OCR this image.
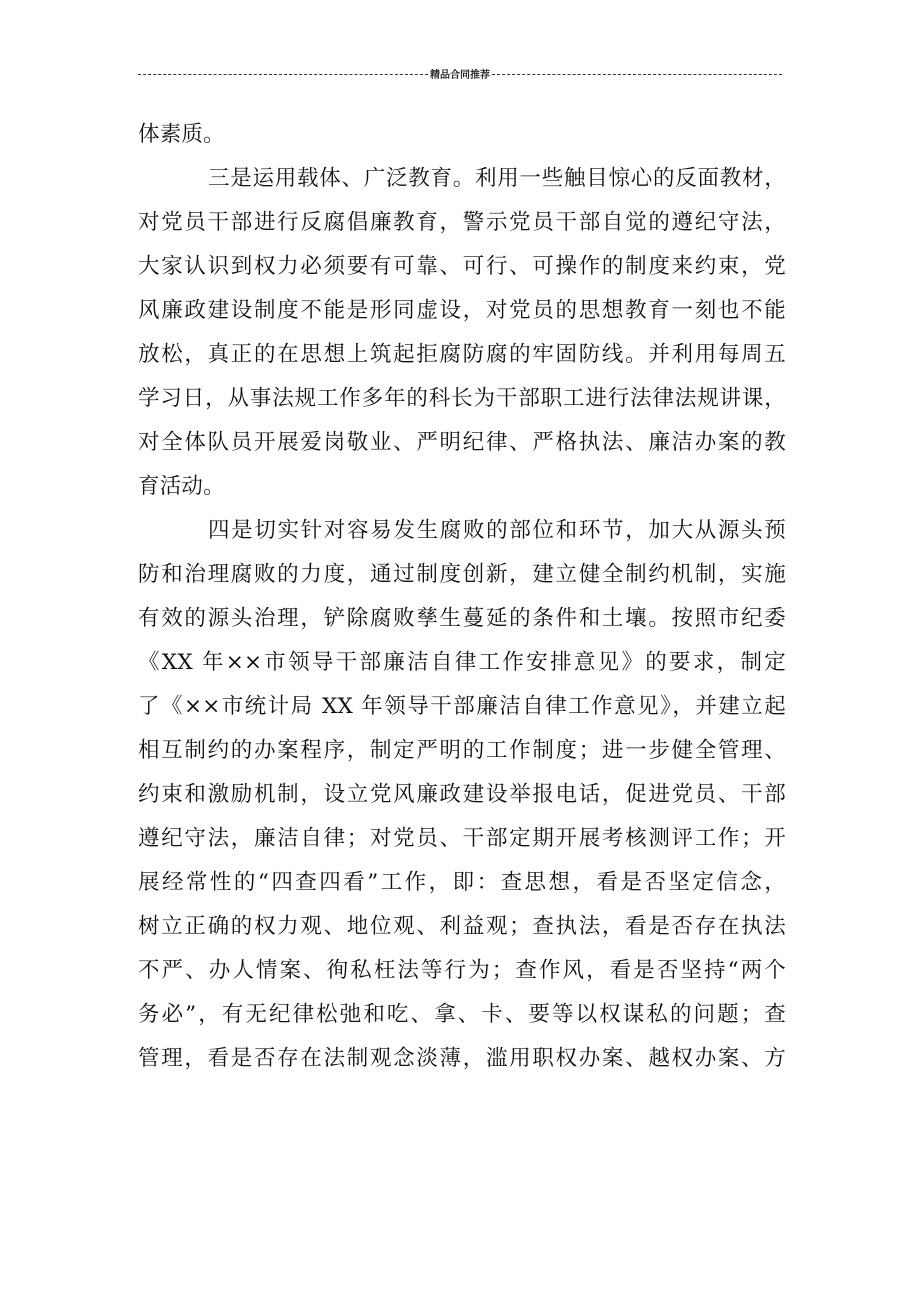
精品合同推荐
体素质。
三是运用载体、广泛教育。利用一些触目惊心的反面教材，
对党员干部进行反腐倡廉教育，警示党员干部自觉的遵纪守法，
大家认识到权力必须要有可靠、可行、可操作的制度来约束，党
风廉政建设制度不能是形同虚设，对党员的思想教育一刻也不能
放松，真正的在思想上筑起拒腐防腐的牢固防线。并利用每周五
学习日，从事法规工作多年的科长为干部职工进行法律法规讲课，
对全体队员开展爱岗敬业、严明纪律、严格执法、廉洁办案的教
育活动。
四是切实针对容易发生腐败的部位和环节，加大从源头预
防和治理腐败的力度，通过制度创新，建立健全制约机制，实施
有效的源头治理，铲除腐败孳生蔓延的条件和土壤。按照市纪委
《XX 年××市领导干部廉洁自律工作安排意见》的要求，制定
了《××市统计局 XX 年领导干部廉洁自律工作意见》，并建立起
相互制约的办案程序，制定严明的工作制度；进一步健全管理、
约束和激励机制，设立党风廉政建设举报电话，促进党员、干部
遵纪守法，廉洁自律；对党员、干部定期开展考核测评工作；开
展经常性的“四查四看”工作，即：查思想，看是否坚定信念，
树立正确的权力观、地位观、利益观；查执法，看是否存在执法
不严、办人情案、徇私枉法等行为；查作风，看是否坚持“两个
务必”，有无纪律松弛和吃、拿、卡、要等以权谋私的问题；查
管理，看是否存在法制观念淡薄，滥用职权办案、越权办案、方
